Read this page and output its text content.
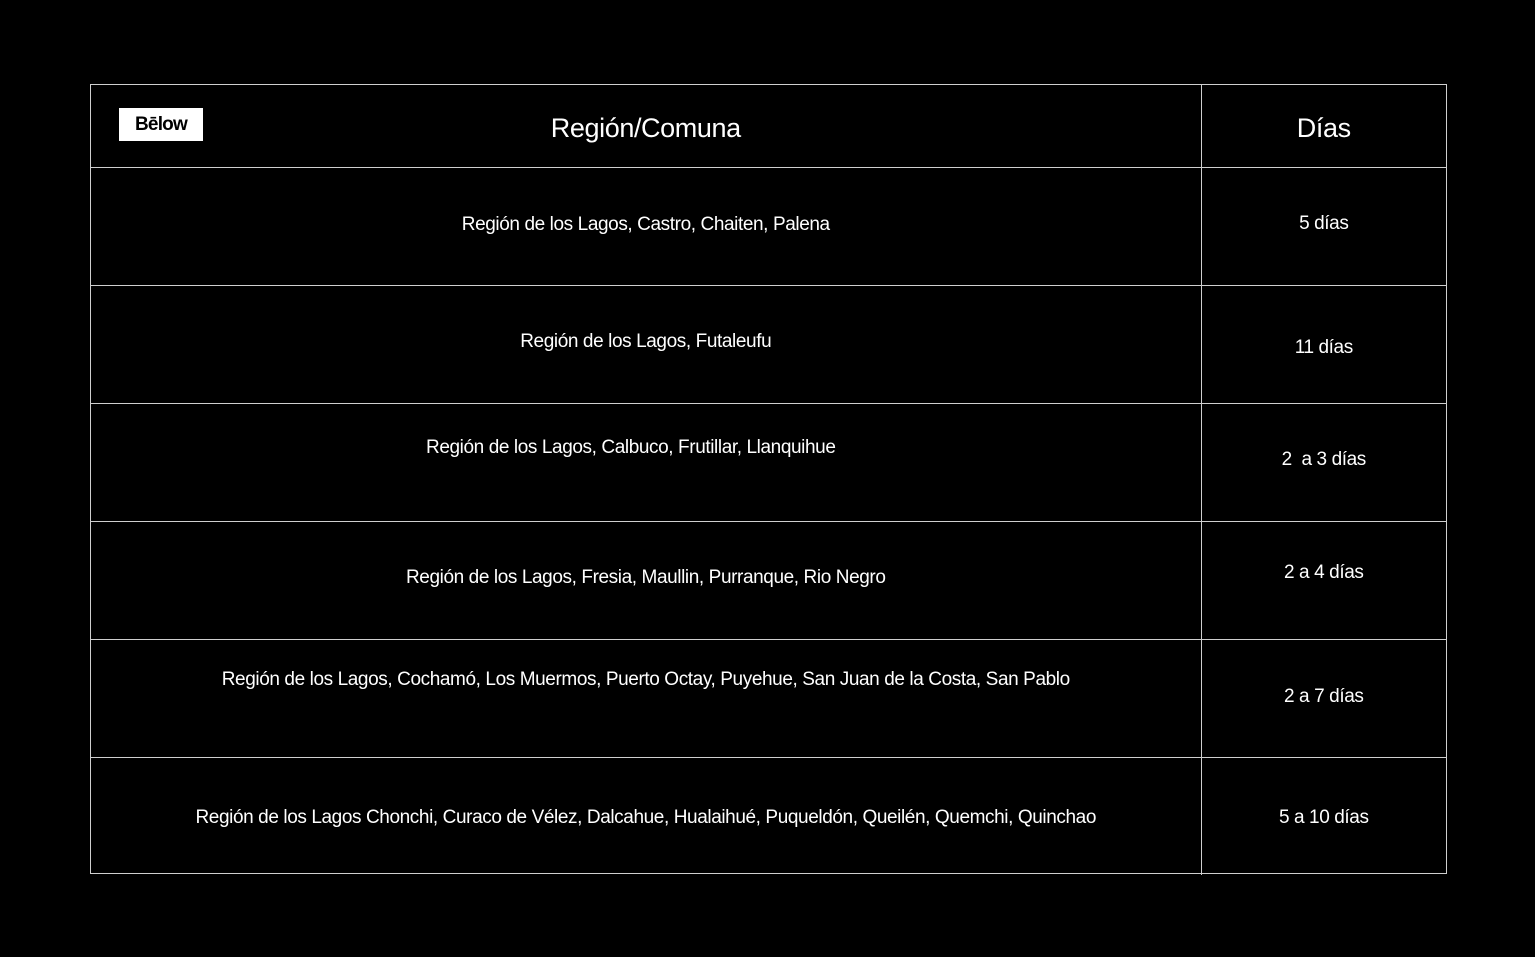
Bēlow Región/Comuna	Días
Región de los Lagos, Castro, Chaiten, Palena	5 días
Región de los Lagos, Futaleufu	11 días
Región de los Lagos, Calbuco, Frutillar, Llanquihue	2  a 3 días
Región de los Lagos, Fresia, Maullin, Purranque, Rio Negro	2 a 4 días
Región de los Lagos, Cochamó, Los Muermos, Puerto Octay, Puyehue, San Juan de la Costa, San Pablo	2 a 7 días
Región de los Lagos Chonchi, Curaco de Vélez, Dalcahue, Hualaihué, Puqueldón, Queilén, Quemchi, Quinchao	5 a 10 días
